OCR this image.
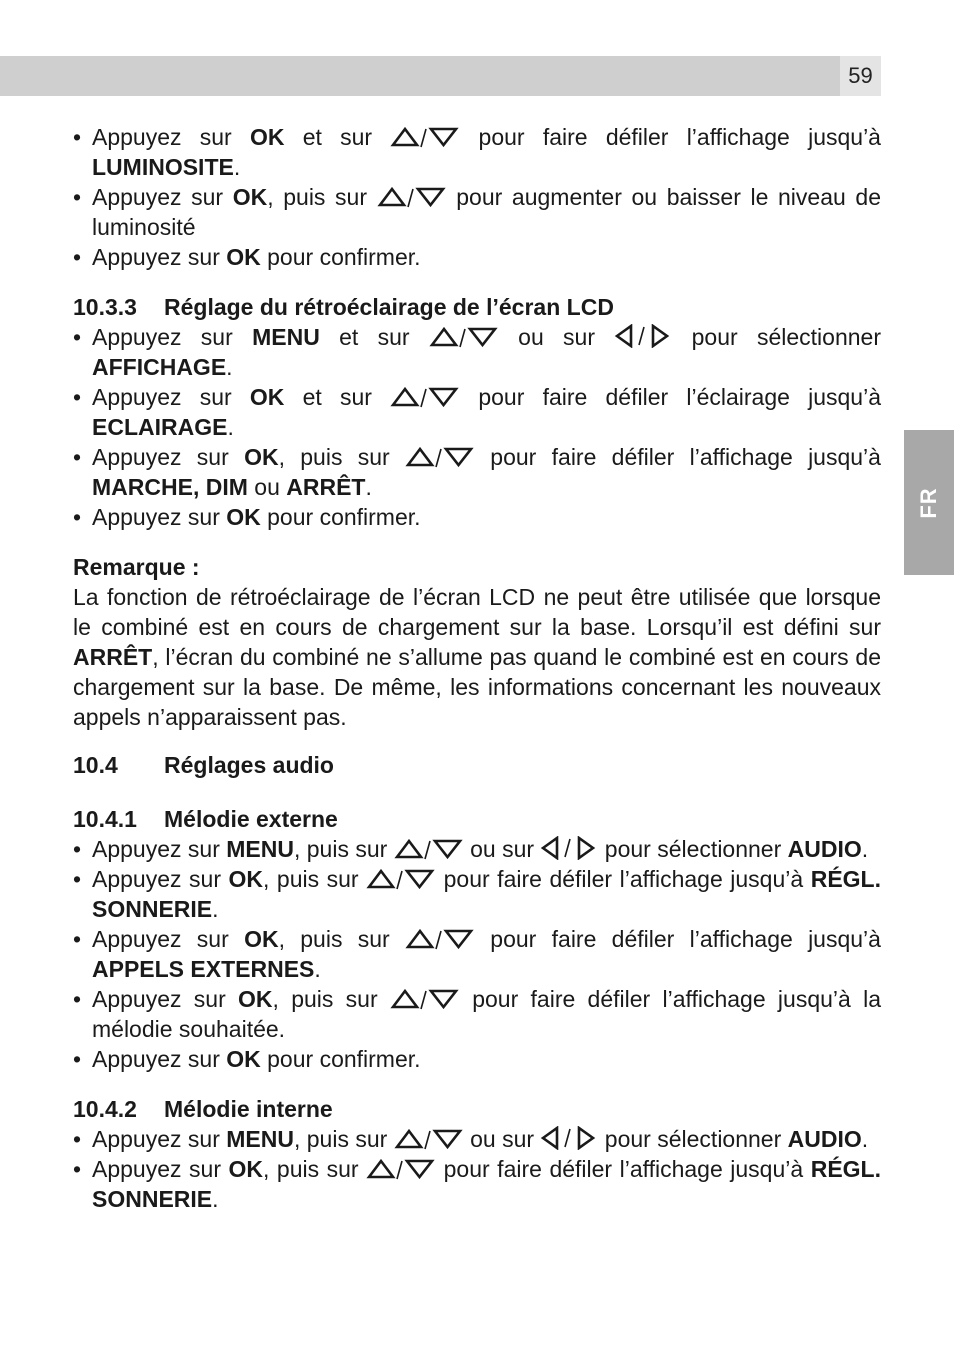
59
FR
• Appuyez sur OK et sur	pour faire défiler l’affichage jusqu’à LUMINOSITE.
• Appuyez sur OK, puis sur	pour augmenter ou baisser le niveau de luminosité
• Appuyez sur OK pour confirmer.
10.3.3 Réglage du rétroéclairage de l’écran LCD
• Appuyez sur MENU et sur	ou sur	pour sélectionner AFFICHAGE.
• Appuyez sur OK et sur	pour faire défiler l’éclairage jusqu’à ECLAIRAGE.
• Appuyez sur OK, puis sur	pour faire défiler l’affichage jusqu’à MARCHE, DIM ou ARRÊT.
• Appuyez sur OK pour confirmer.
Remarque :
La fonction de rétroéclairage de l’écran LCD ne peut être utilisée que lorsque le combiné est en cours de chargement sur la base. Lorsqu’il est défini sur ARRÊT, l’écran du combiné ne s’allume pas quand le combiné est en cours de chargement sur la base. De même, les informations concernant les nouveaux appels n’apparaissent pas.
10.4 Réglages audio
10.4.1 Mélodie externe
• Appuyez sur MENU, puis sur	ou sur	pour sélectionner AUDIO.
• Appuyez sur OK, puis sur	pour faire défiler l’affichage jusqu’à RÉGL. SONNERIE.
• Appuyez sur OK, puis sur	pour faire défiler l’affichage jusqu’à APPELS EXTERNES.
• Appuyez sur OK, puis sur	pour faire défiler l’affichage jusqu’à la mélodie souhaitée.
• Appuyez sur OK pour confirmer.
10.4.2 Mélodie interne
• Appuyez sur MENU, puis sur	ou sur	pour sélectionner AUDIO.
• Appuyez sur OK, puis sur	pour faire défiler l’affichage jusqu’à RÉGL. SONNERIE.
